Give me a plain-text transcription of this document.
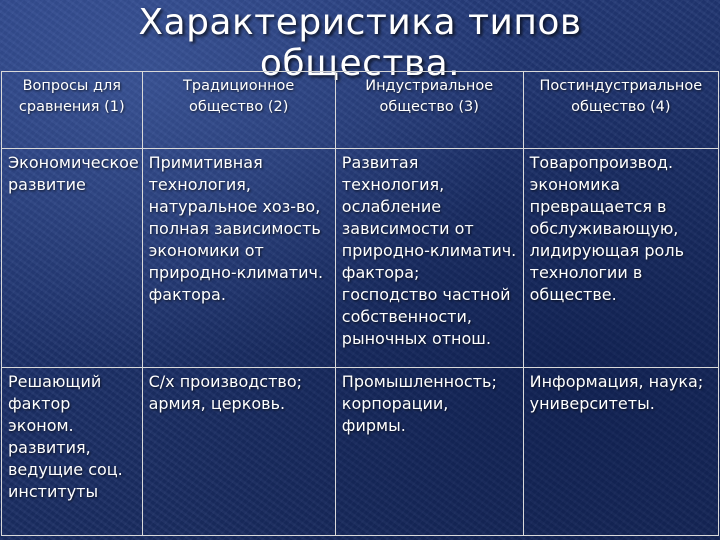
Характеристика типов
общества.
Вопросы для сравнения (1)	Традиционное общество (2)	Индустриальное общество (3)	Постиндустриальное общество (4)
Экономическое развитие	Примитивная технология, натуральное хоз-во, полная зависимость экономики от природно-климатич. фактора.	Развитая технология, ослабление зависимости от природно-климатич. фактора; господство частной собственности, рыночных отнош.	Товаропроизвод. экономика превращается в обслуживающую, лидирующая роль технологии в обществе.
Решающий фактор эконом. развития, ведущие соц. институты	С/х производство; армия, церковь.	Промышленность; корпорации, фирмы.	Информация, наука; университеты.
